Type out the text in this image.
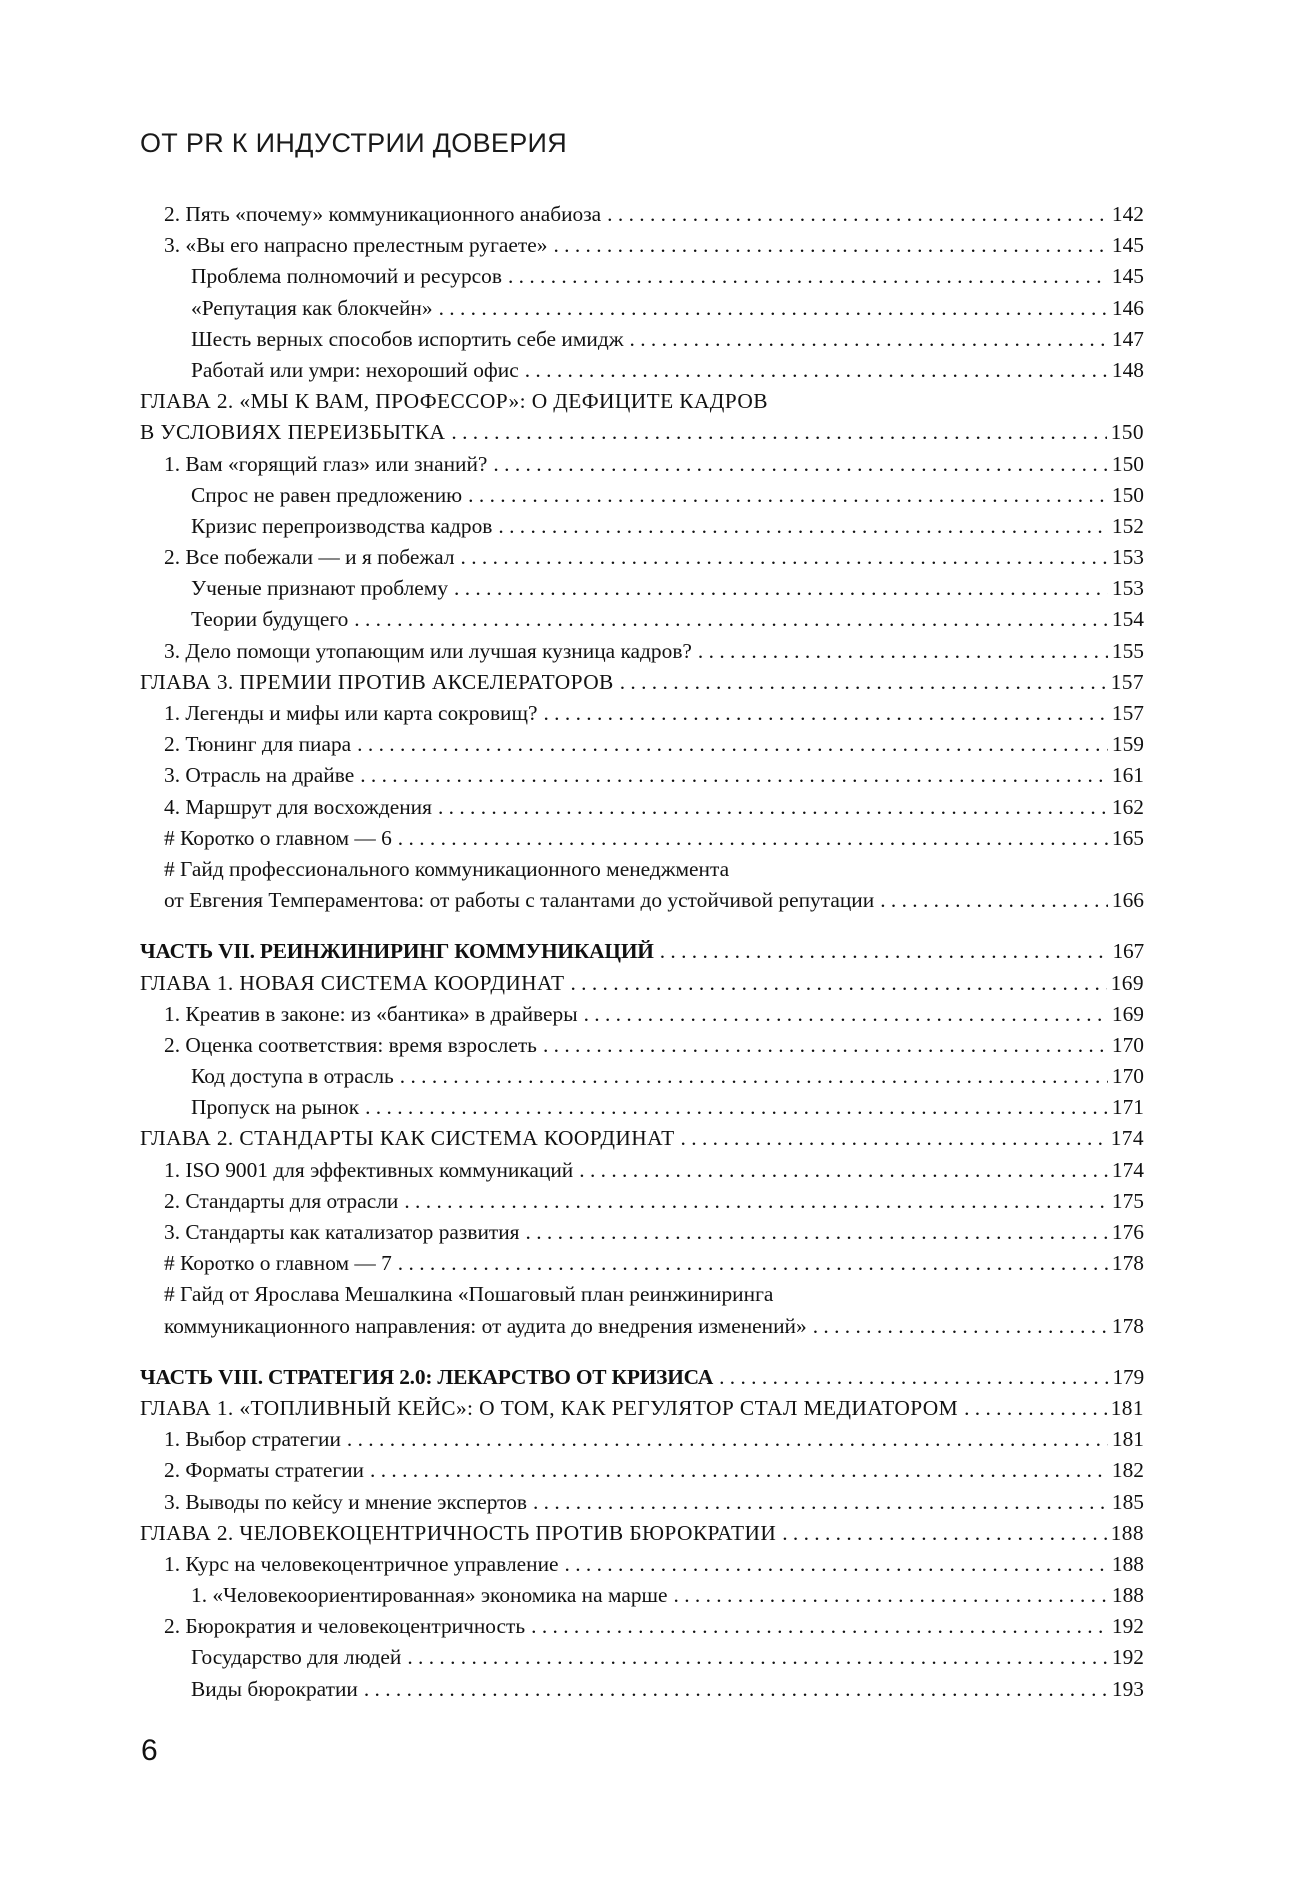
ОТ PR К ИНДУСТРИИ ДОВЕРИЯ
2. Пять «почему» коммуникационного анабиоза . . .	142
3. «Вы его напрасно прелестным ругаете» . . .	145
Проблема полномочий и ресурсов . . .	145
«Репутация как блокчейн» . . .	146
Шесть верных способов испортить себе имидж . . .	147
Работай или умри: нехороший офис . . .	148
ГЛАВА 2. «МЫ К ВАМ, ПРОФЕССОР»: О ДЕФИЦИТЕ КАДРОВ
В УСЛОВИЯХ ПЕРЕИЗБЫТКА . . .	150
1. Вам «горящий глаз» или знаний? . . .	150
Спрос не равен предложению . . .	150
Кризис перепроизводства кадров . . .	152
2. Все побежали — и я побежал . . .	153
Ученые признают проблему . . .	153
Теории будущего . . .	154
3. Дело помощи утопающим или лучшая кузница кадров? . . .	155
ГЛАВА 3. ПРЕМИИ ПРОТИВ АКСЕЛЕРАТОРОВ . . .	157
1. Легенды и мифы или карта сокровищ? . . .	157
2. Тюнинг для пиара . . .	159
3. Отрасль на драйве . . .	161
4. Маршрут для восхождения . . .	162
# Коротко о главном — 6 . . .	165
# Гайд профессионального коммуникационного менеджмента
от Евгения Темпераментова: от работы с талантами до устойчивой репутации . . .	166
ЧАСТЬ VII. РЕИНЖИНИРИНГ КОММУНИКАЦИЙ . . .	167
ГЛАВА 1. НОВАЯ СИСТЕМА КООРДИНАТ . . .	169
1. Креатив в законе: из «бантика» в драйверы . . .	169
2. Оценка соответствия: время взрослеть . . .	170
Код доступа в отрасль . . .	170
Пропуск на рынок . . .	171
ГЛАВА 2. СТАНДАРТЫ КАК СИСТЕМА КООРДИНАТ . . .	174
1. ISO 9001 для эффективных коммуникаций . . .	174
2. Стандарты для отрасли . . .	175
3. Стандарты как катализатор развития . . .	176
# Коротко о главном — 7 . . .	178
# Гайд от Ярослава Мешалкина «Пошаговый план реинжиниринга
коммуникационного направления: от аудита до внедрения изменений» . . .	178
ЧАСТЬ VIII. СТРАТЕГИЯ 2.0: ЛЕКАРСТВО ОТ КРИЗИСА . . .	179
ГЛАВА 1. «ТОПЛИВНЫЙ КЕЙС»: О ТОМ, КАК РЕГУЛЯТОР СТАЛ МЕДИАТОРОМ . . .	181
1. Выбор стратегии . . .	181
2. Форматы стратегии . . .	182
3. Выводы по кейсу и мнение экспертов . . .	185
ГЛАВА 2. ЧЕЛОВЕКОЦЕНТРИЧНОСТЬ ПРОТИВ БЮРОКРАТИИ . . .	188
1. Курс на человекоцентричное управление . . .	188
1. «Человекоориентированная» экономика на марше . . .	188
2. Бюрократия и человекоцентричность . . .	192
Государство для людей . . .	192
Виды бюрократии . . .	193
6
